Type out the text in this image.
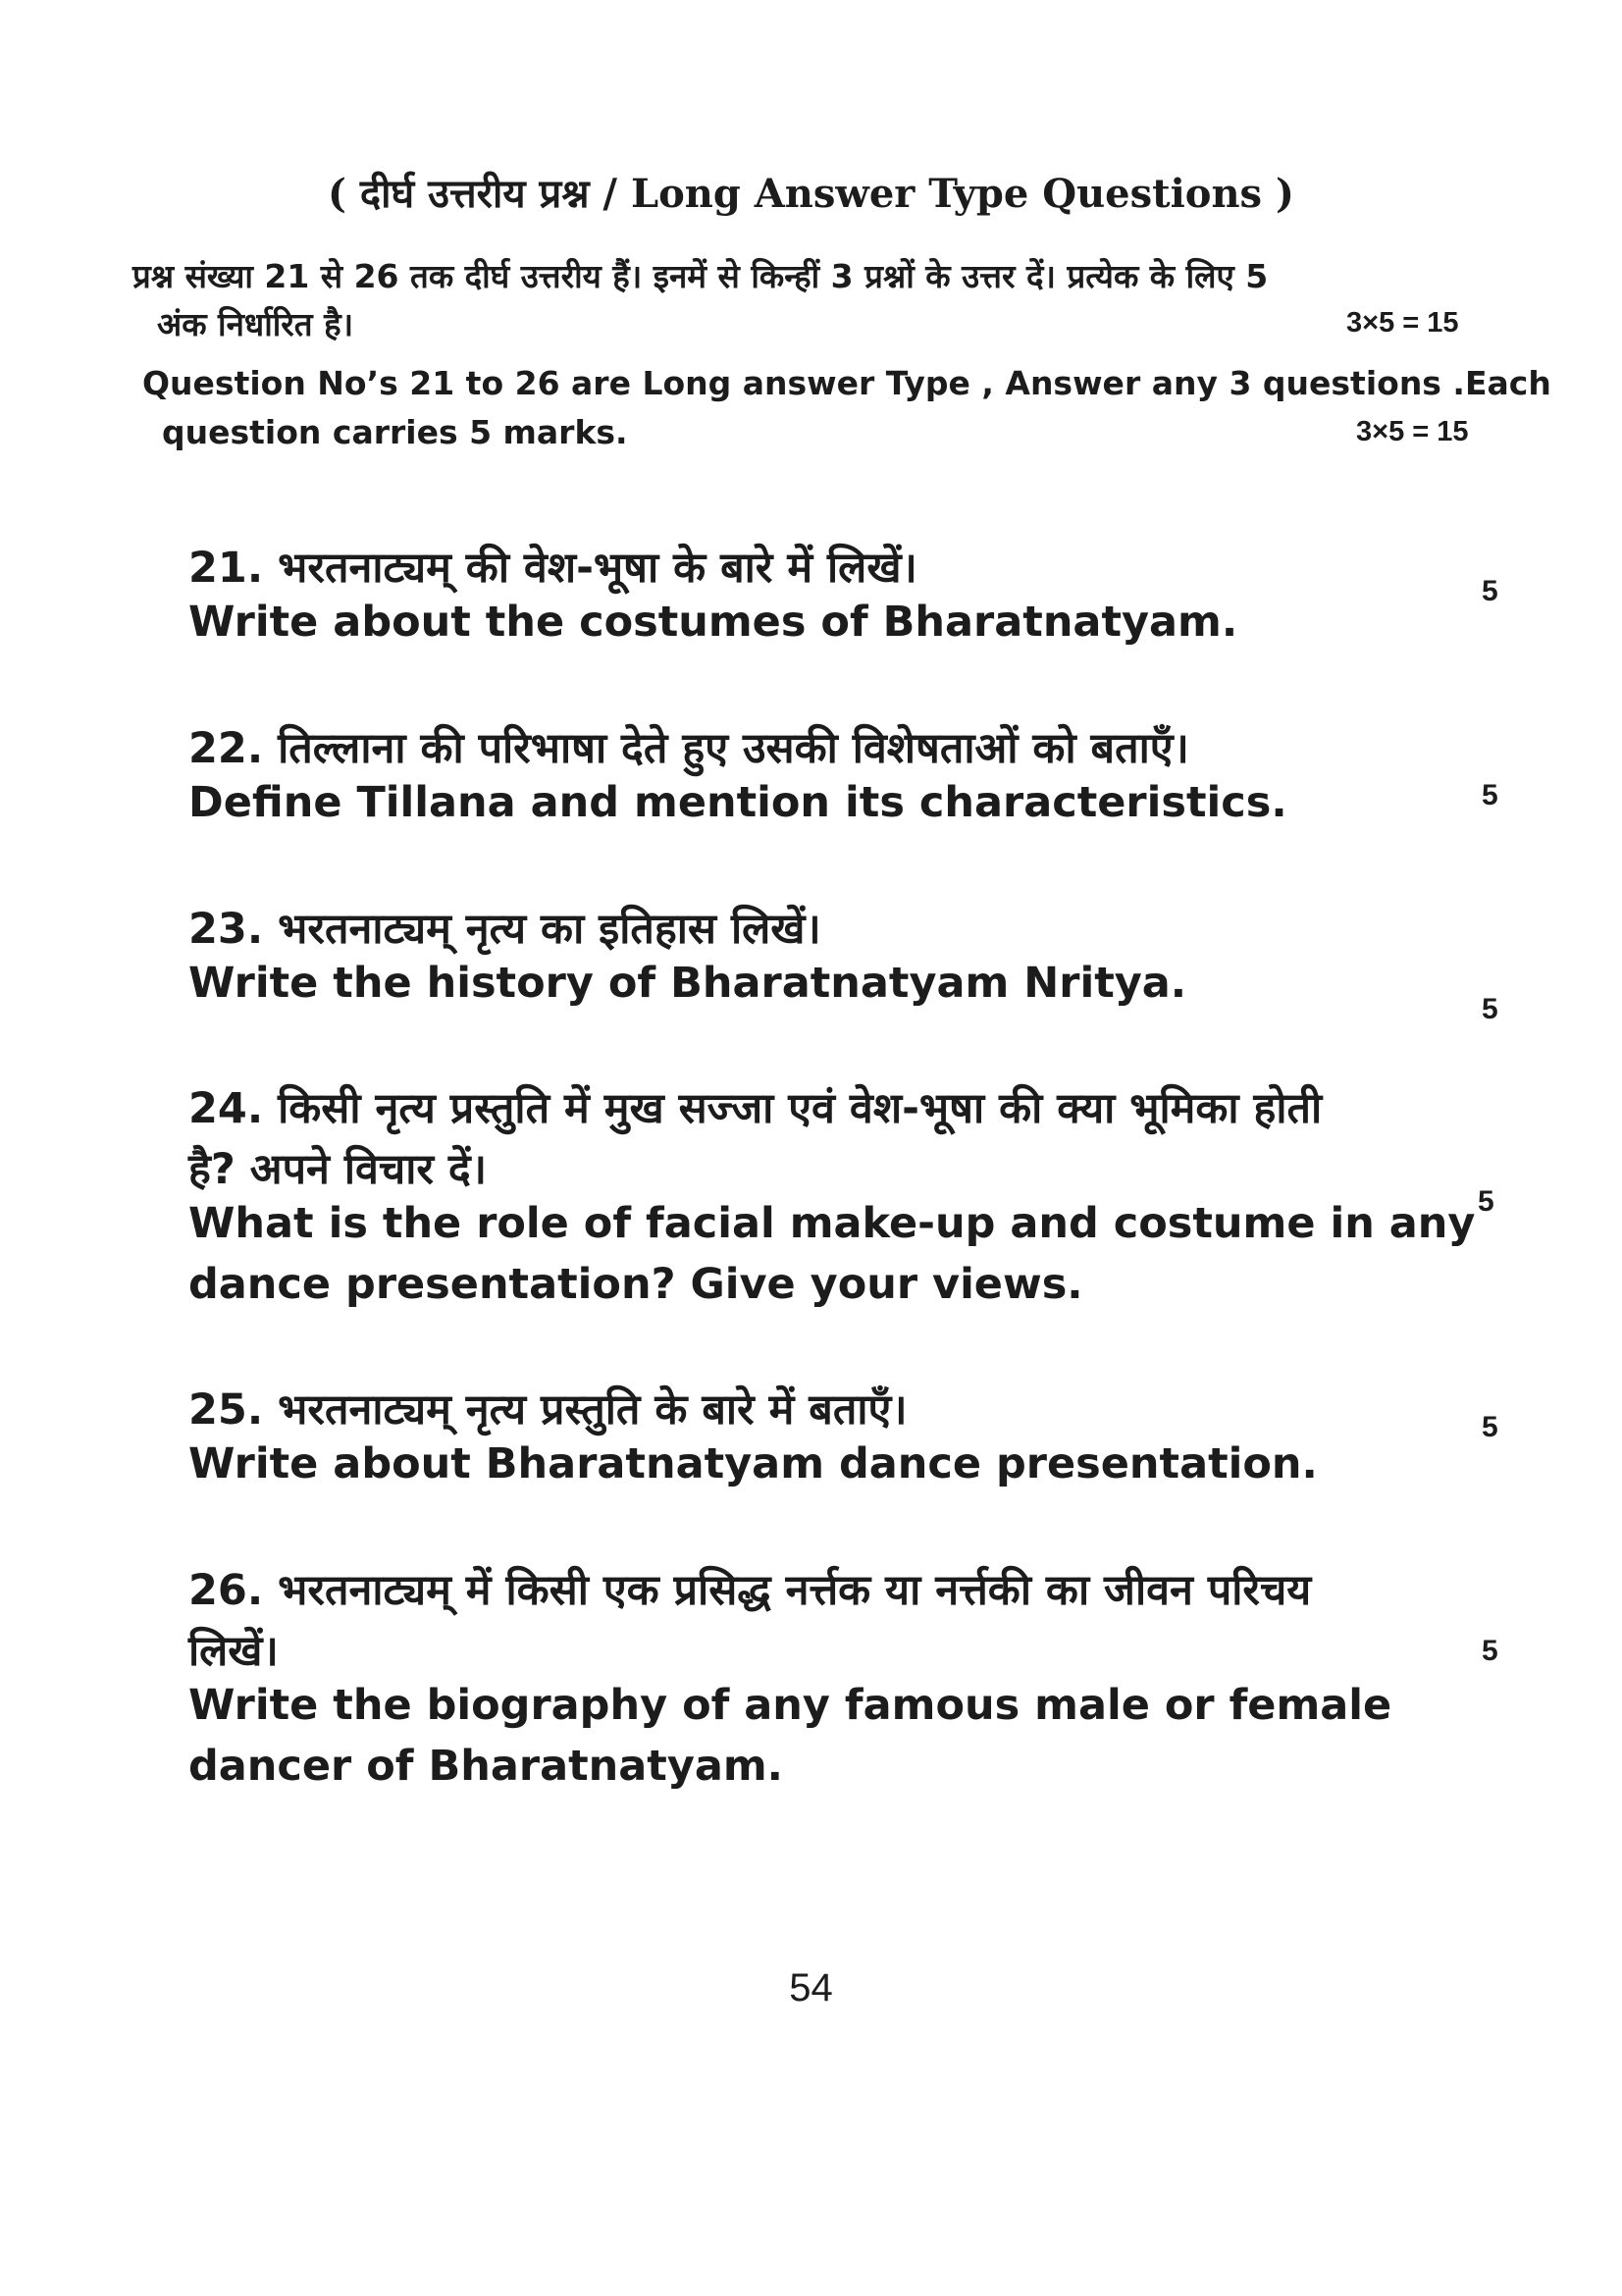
( दीर्घ उत्तरीय प्रश्न / Long Answer Type Questions )
प्रश्न संख्या 21 से 26 तक दीर्घ उत्तरीय हैं। इनमें से किन्हीं 3 प्रश्नों के उत्तर दें। प्रत्येक के लिए 5
अंक निर्धारित है।	3×5 = 15
Question No’s 21 to 26 are Long answer Type , Answer any 3 questions .Each
question carries 5 marks.	3×5 = 15
21. भरतनाट्यम् की वेश-भूषा के बारे में लिखें।
Write about the costumes of Bharatnatyam.
5
22. तिल्लाना की परिभाषा देते हुए उसकी विशेषताओं को बताएँ।
Define Tillana and mention its characteristics.	5
23. भरतनाट्यम् नृत्य का इतिहास लिखें।
Write the history of Bharatnatyam Nritya.
5
24. किसी नृत्य प्रस्तुति में मुख सज्जा एवं वेश-भूषा की क्या भूमिका होती
है? अपने विचार दें।
What is the role of facial make-up and costume in any
dance presentation? Give your views.
5
25. भरतनाट्यम् नृत्य प्रस्तुति के बारे में बताएँ।
Write about Bharatnatyam dance presentation.
5
26. भरतनाट्यम् में किसी एक प्रसिद्ध नर्त्तक या नर्त्तकी का जीवन परिचय
लिखें।
Write the biography of any famous male or female
dancer of Bharatnatyam.
5
54
